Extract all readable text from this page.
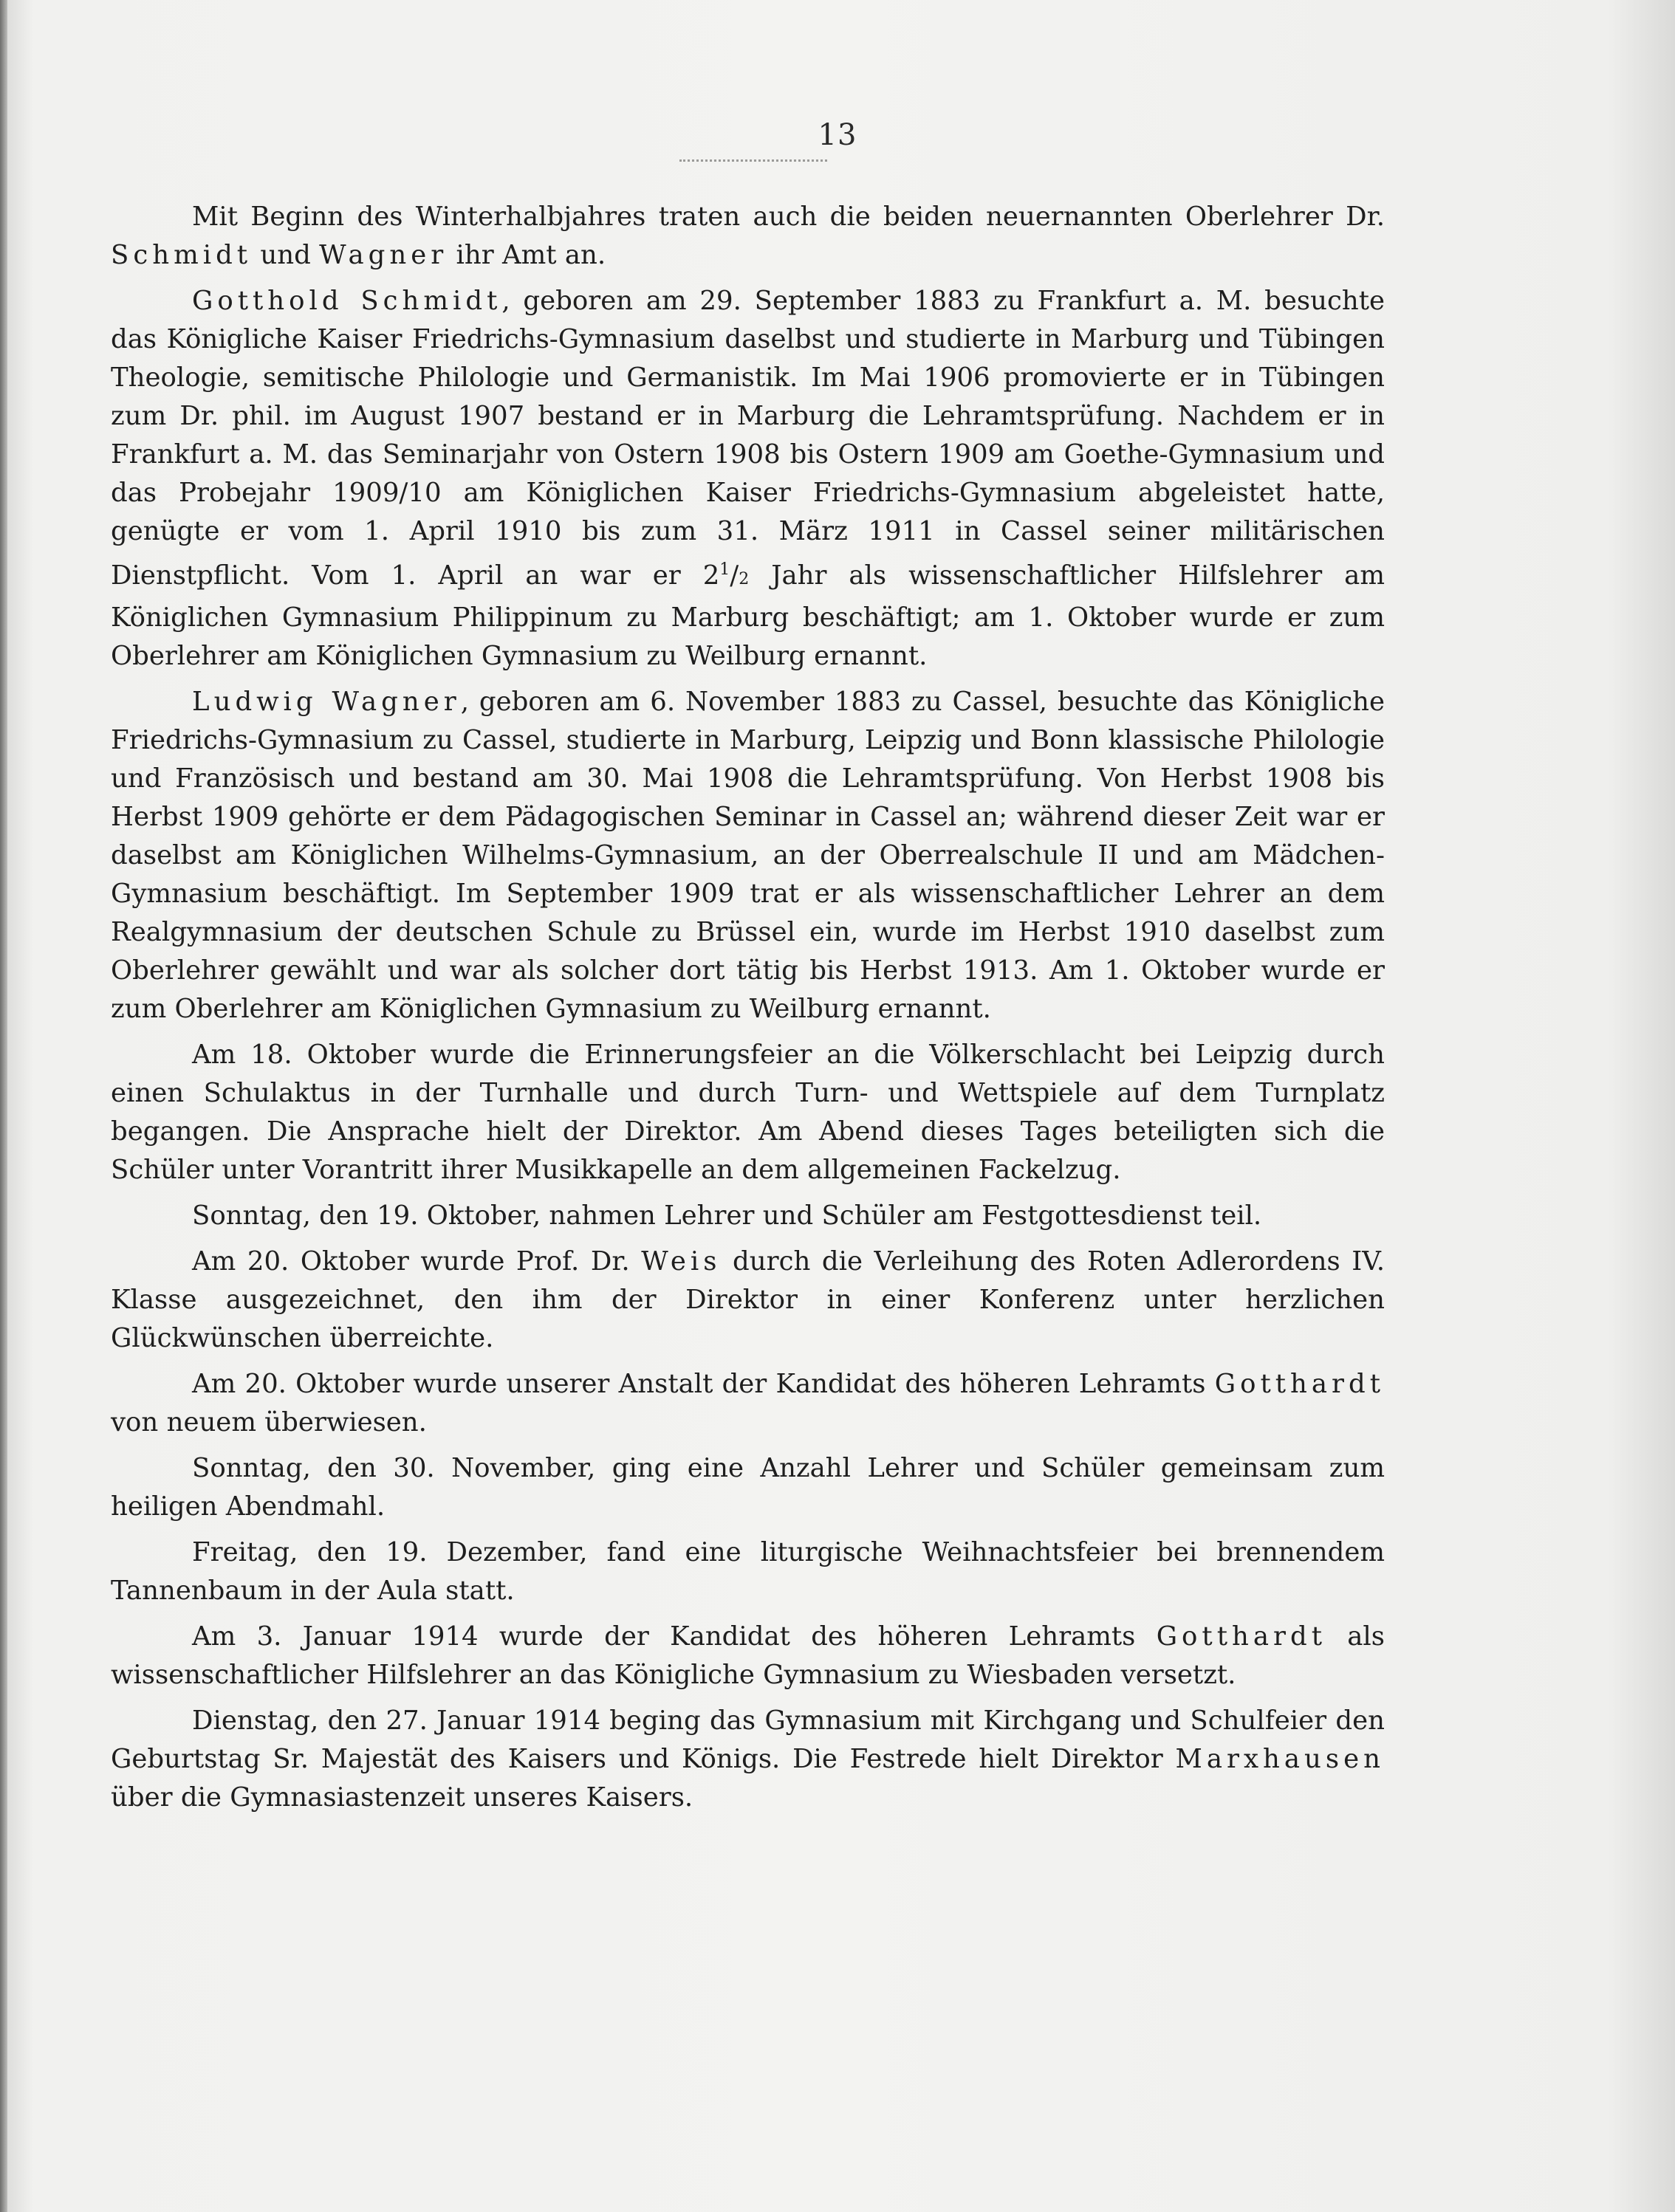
13

Mit Beginn des Winterhalbjahres traten auch die beiden neuernannten Oberlehrer Dr. Schmidt und Wagner ihr Amt an.

Gotthold Schmidt, geboren am 29. September 1883 zu Frankfurt a. M. besuchte das Königliche Kaiser Friedrichs-Gymnasium daselbst und studierte in Marburg und Tübingen Theologie, semitische Philologie und Germanistik. Im Mai 1906 promovierte er in Tübingen zum Dr. phil. im August 1907 bestand er in Marburg die Lehramtsprüfung. Nachdem er in Frankfurt a. M. das Seminarjahr von Ostern 1908 bis Ostern 1909 am Goethe-Gymnasium und das Probejahr 1909/10 am Königlichen Kaiser Friedrichs-Gymnasium abgeleistet hatte, genügte er vom 1. April 1910 bis zum 31. März 1911 in Cassel seiner militärischen Dienstpflicht. Vom 1. April an war er $2^1/2$ Jahr als wissenschaftlicher Hilfslehrer am Königlichen Gymnasium Philippinum zu Marburg beschäftigt; am 1. Oktober wurde er zum Oberlehrer am Königlichen Gymnasium zu Weilburg ernannt.

Ludwig Wagner, geboren am 6. November 1883 zu Cassel, besuchte das Königliche Friedrichs-Gymnasium zu Cassel, studierte in Marburg, Leipzig und Bonn klassische Philologie und Französisch und bestand am 30. Mai 1908 die Lehramtsprüfung. Von Herbst 1908 bis Herbst 1909 gehörte er dem Pädagogischen Seminar in Cassel an; während dieser Zeit war er daselbst am Königlichen Wilhelms-Gymnasium, an der Oberrealschule II und am Mädchen-Gymnasium beschäftigt. Im September 1909 trat er als wissenschaftlicher Lehrer an dem Realgymnasium der deutschen Schule zu Brüssel ein, wurde im Herbst 1910 daselbst zum Oberlehrer gewählt und war als solcher dort tätig bis Herbst 1913. Am 1. Oktober wurde er zum Oberlehrer am Königlichen Gymnasium zu Weilburg ernannt.

Am 18. Oktober wurde die Erinnerungsfeier an die Völkerschlacht bei Leipzig durch einen Schulaktus in der Turnhalle und durch Turn- und Wettspiele auf dem Turnplatz begangen. Die Ansprache hielt der Direktor. Am Abend dieses Tages beteiligten sich die Schüler unter Vorantritt ihrer Musikkapelle an dem allgemeinen Fackelzug.

Sonntag, den 19. Oktober, nahmen Lehrer und Schüler am Festgottesdienst teil.

Am 20. Oktober wurde Prof. Dr. Weis durch die Verleihung des Roten Adlerordens IV. Klasse ausgezeichnet, den ihm der Direktor in einer Konferenz unter herzlichen Glückwünschen überreichte.

Am 20. Oktober wurde unserer Anstalt der Kandidat des höheren Lehramts Gotthardt von neuem überwiesen.

Sonntag, den 30. November, ging eine Anzahl Lehrer und Schüler gemeinsam zum heiligen Abendmahl.

Freitag, den 19. Dezember, fand eine liturgische Weihnachtsfeier bei brennendem Tannenbaum in der Aula statt.

Am 3. Januar 1914 wurde der Kandidat des höheren Lehramts Gotthardt als wissenschaftlicher Hilfslehrer an das Königliche Gymnasium zu Wiesbaden versetzt.

Dienstag, den 27. Januar 1914 beging das Gymnasium mit Kirchgang und Schulfeier den Geburtstag Sr. Majestät des Kaisers und Königs. Die Festrede hielt Direktor Marxhausen über die Gymnasiastenzeit unseres Kaisers.
